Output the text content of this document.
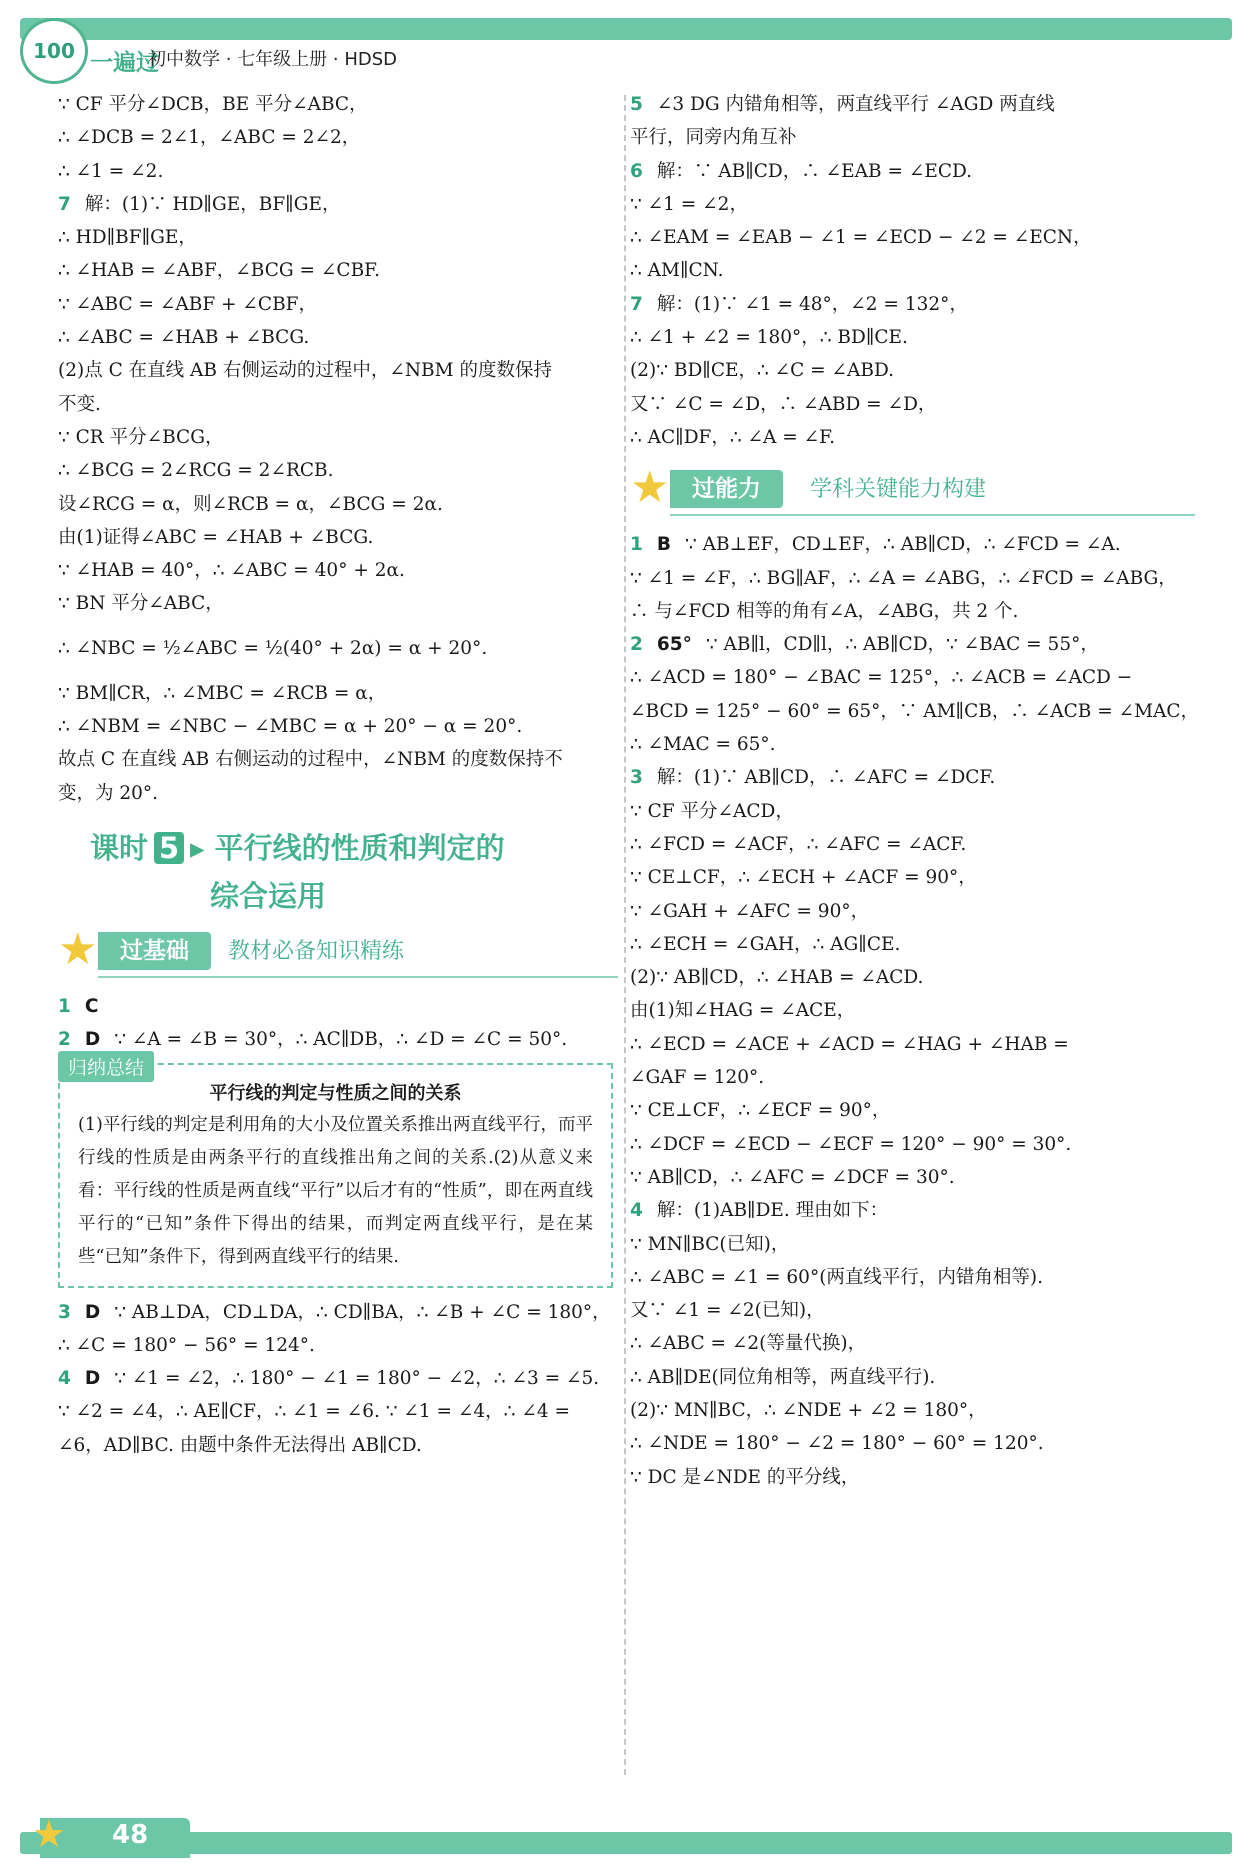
100 一遍过
初中数学 · 七年级上册 · HDSD
∵ CF 平分∠DCB，BE 平分∠ABC，
∴ ∠DCB = 2∠1，∠ABC = 2∠2，
∴ ∠1 = ∠2.
7 解：(1)∵ HD∥GE，BF∥GE，
∴ HD∥BF∥GE，
∴ ∠HAB = ∠ABF，∠BCG = ∠CBF.
∵ ∠ABC = ∠ABF + ∠CBF，
∴ ∠ABC = ∠HAB + ∠BCG.
(2)点 C 在直线 AB 右侧运动的过程中，∠NBM 的度数保持
不变.
∵ CR 平分∠BCG，
∴ ∠BCG = 2∠RCG = 2∠RCB.
设∠RCG = α，则∠RCB = α，∠BCG = 2α.
由(1)证得∠ABC = ∠HAB + ∠BCG.
∵ ∠HAB = 40°，∴ ∠ABC = 40° + 2α.
∵ BN 平分∠ABC，
∴ ∠NBC = ½∠ABC = ½(40° + 2α) = α + 20°.
∵ BM∥CR，∴ ∠MBC = ∠RCB = α，
∴ ∠NBM = ∠NBC − ∠MBC = α + 20° − α = 20°.
故点 C 在直线 AB 右侧运动的过程中，∠NBM 的度数保持不
变，为 20°.
课时 5 ▸ 平行线的性质和判定的
综合运用
★ 过基础	教材必备知识精练
1 C
2 D ∵ ∠A = ∠B = 30°，∴ AC∥DB，∴ ∠D = ∠C = 50°.
归纳总结
平行线的判定与性质之间的关系
(1)平行线的判定是利用角的大小及位置关系推出两直线平行，而平行线的性质是由两条平行的直线推出角之间的关系.(2)从意义来看：平行线的性质是两直线“平行”以后才有的“性质”，即在两直线平行的“已知”条件下得出的结果，而判定两直线平行，是在某些“已知”条件下，得到两直线平行的结果.
3 D ∵ AB⊥DA，CD⊥DA，∴ CD∥BA，∴ ∠B + ∠C = 180°，
∴ ∠C = 180° − 56° = 124°.
4 D ∵ ∠1 = ∠2，∴ 180° − ∠1 = 180° − ∠2，∴ ∠3 = ∠5.
∵ ∠2 = ∠4，∴ AE∥CF，∴ ∠1 = ∠6. ∵ ∠1 = ∠4，∴ ∠4 =
∠6，AD∥BC. 由题中条件无法得出 AB∥CD.
5 ∠3 DG 内错角相等，两直线平行 ∠AGD 两直线
平行，同旁内角互补
6 解：∵ AB∥CD，∴ ∠EAB = ∠ECD.
∵ ∠1 = ∠2，
∴ ∠EAM = ∠EAB − ∠1 = ∠ECD − ∠2 = ∠ECN，
∴ AM∥CN.
7 解：(1)∵ ∠1 = 48°，∠2 = 132°，
∴ ∠1 + ∠2 = 180°，∴ BD∥CE.
(2)∵ BD∥CE，∴ ∠C = ∠ABD.
又∵ ∠C = ∠D，∴ ∠ABD = ∠D，
∴ AC∥DF，∴ ∠A = ∠F.
★ 过能力	学科关键能力构建
1 B ∵ AB⊥EF，CD⊥EF，∴ AB∥CD，∴ ∠FCD = ∠A.
∵ ∠1 = ∠F，∴ BG∥AF，∴ ∠A = ∠ABG，∴ ∠FCD = ∠ABG，
∴ 与∠FCD 相等的角有∠A，∠ABG，共 2 个.
2 65° ∵ AB∥l，CD∥l，∴ AB∥CD，∵ ∠BAC = 55°，
∴ ∠ACD = 180° − ∠BAC = 125°，∴ ∠ACB = ∠ACD −
∠BCD = 125° − 60° = 65°，∵ AM∥CB，∴ ∠ACB = ∠MAC，
∴ ∠MAC = 65°.
3 解：(1)∵ AB∥CD，∴ ∠AFC = ∠DCF.
∵ CF 平分∠ACD，
∴ ∠FCD = ∠ACF，∴ ∠AFC = ∠ACF.
∵ CE⊥CF，∴ ∠ECH + ∠ACF = 90°，
∵ ∠GAH + ∠AFC = 90°，
∴ ∠ECH = ∠GAH，∴ AG∥CE.
(2)∵ AB∥CD，∴ ∠HAB = ∠ACD.
由(1)知∠HAG = ∠ACE，
∴ ∠ECD = ∠ACE + ∠ACD = ∠HAG + ∠HAB =
∠GAF = 120°.
∵ CE⊥CF，∴ ∠ECF = 90°，
∴ ∠DCF = ∠ECD − ∠ECF = 120° − 90° = 30°.
∵ AB∥CD，∴ ∠AFC = ∠DCF = 30°.
4 解：(1)AB∥DE. 理由如下：
∵ MN∥BC(已知)，
∴ ∠ABC = ∠1 = 60°(两直线平行，内错角相等).
又∵ ∠1 = ∠2(已知)，
∴ ∠ABC = ∠2(等量代换)，
∴ AB∥DE(同位角相等，两直线平行).
(2)∵ MN∥BC，∴ ∠NDE + ∠2 = 180°，
∴ ∠NDE = 180° − ∠2 = 180° − 60° = 120°.
∵ DC 是∠NDE 的平分线，
★ 48
